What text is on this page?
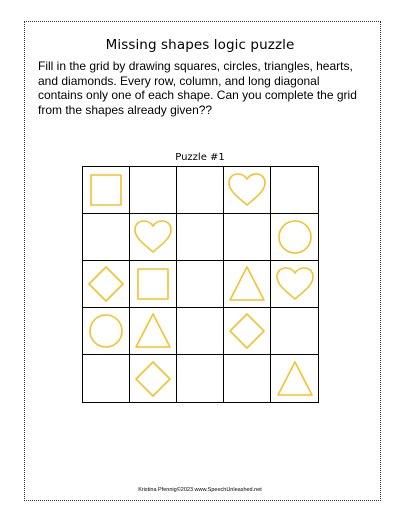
Missing shapes logic puzzle
Fill in the grid by drawing squares, circles, triangles, hearts,
and diamonds. Every row, column, and long diagonal
contains only one of each shape. Can you complete the grid
from the shapes already given??
Puzzle #1
Kristina Pfennig©2023 www.SpeechUnleashed.net
